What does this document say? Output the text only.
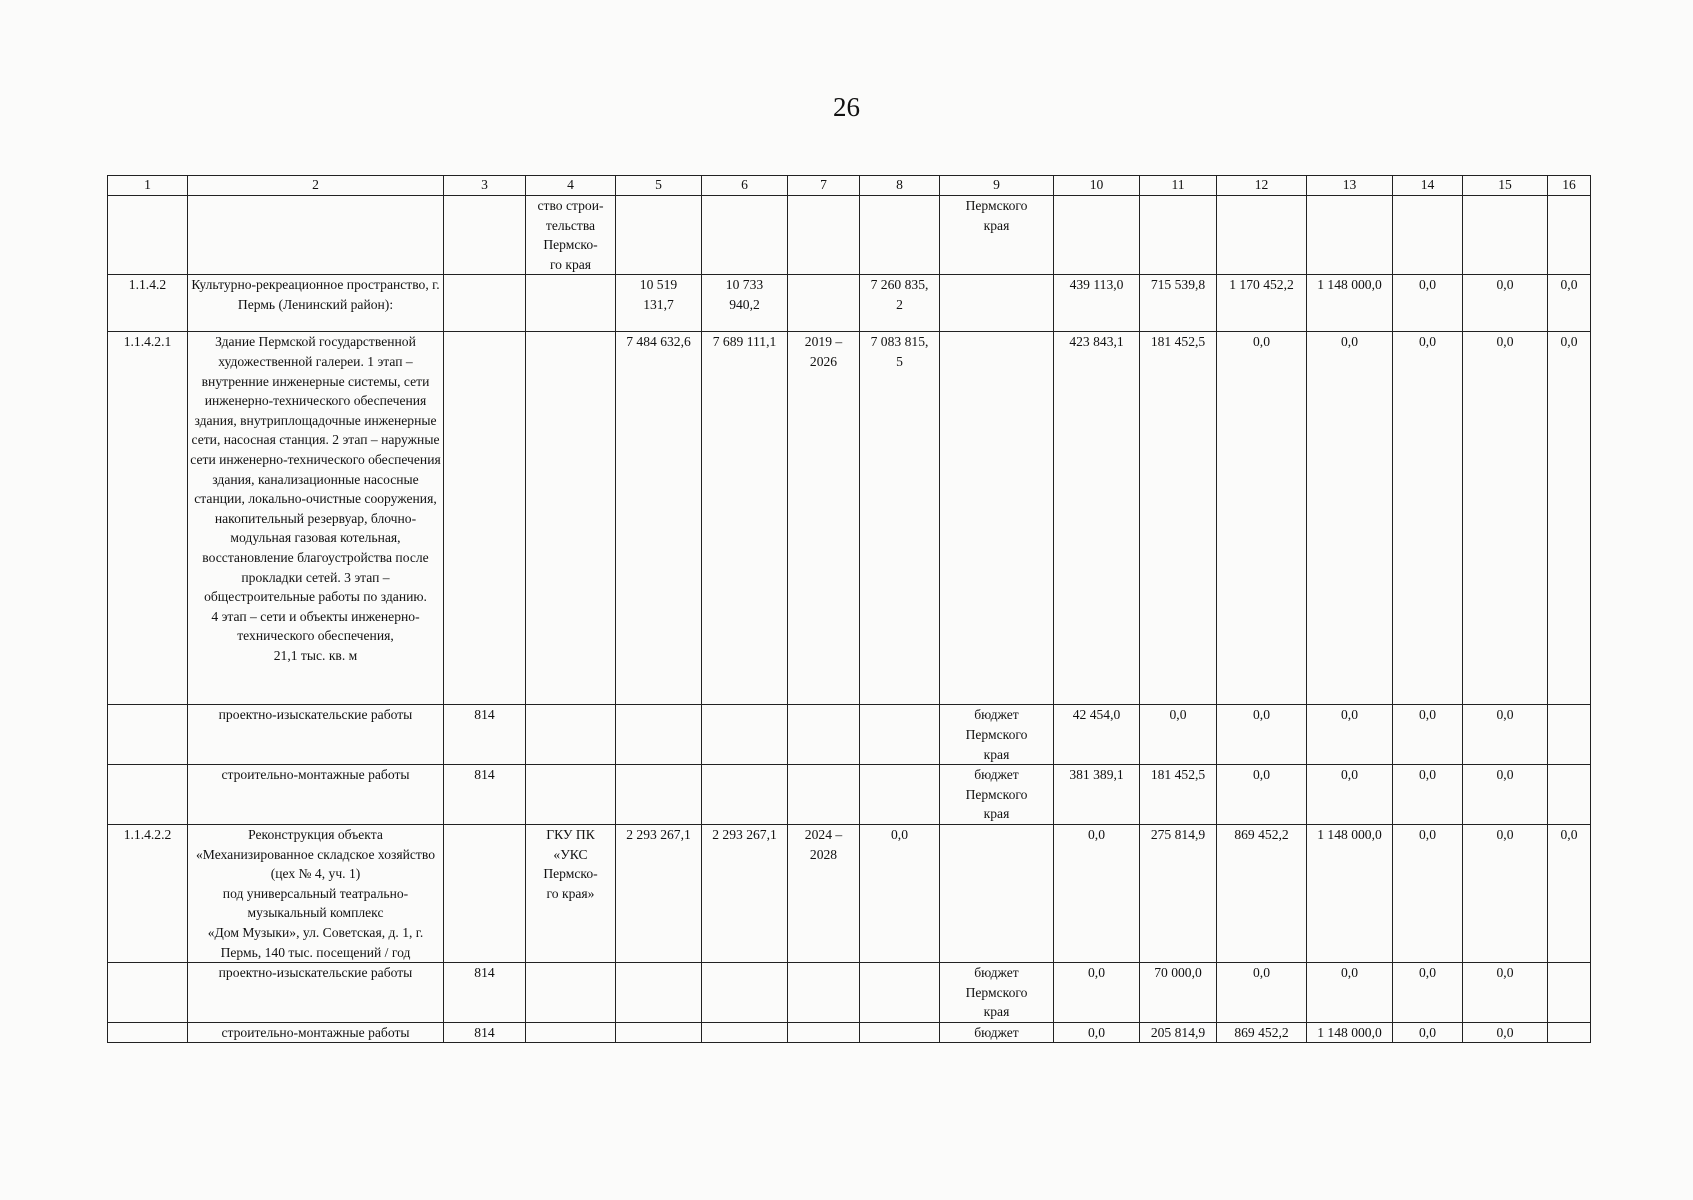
26
1	2	3	4	5	6	7	8	9	10	11	12	13	14	15	16
			ство строи-
тельства
Пермско-
го края					Пермского
края							
1.1.4.2	Культурно-рекреационное пространство, г. Пермь (Ленинский район):			10 519
131,7	10 733
940,2		7 260 835,
2		439 113,0	715 539,8	1 170 452,2	1 148 000,0	0,0	0,0	0,0
1.1.4.2.1	Здание Пермской государственной художественной галереи. 1 этап – внутренние инженерные системы, сети инженерно-технического обеспечения здания, внутриплощадочные инженерные сети, насосная станция. 2 этап – наружные сети инженерно-технического обеспечения здания, канализационные насосные станции, локально-очистные сооружения, накопительный резервуар, блочно-модульная газовая котельная, восстановление благоустройства после прокладки сетей. 3 этап – общестроительные работы по зданию.
4 этап – сети и объекты инженерно-технического обеспечения,
21,1 тыс. кв. м			7 484 632,6	7 689 111,1	2019 –
2026	7 083 815,
5		423 843,1	181 452,5	0,0	0,0	0,0	0,0	0,0
	проектно-изыскательские работы	814						бюджет
Пермского
края	42 454,0	0,0	0,0	0,0	0,0	0,0	
	строительно-монтажные работы	814						бюджет
Пермского
края	381 389,1	181 452,5	0,0	0,0	0,0	0,0	
1.1.4.2.2	Реконструкция объекта «Механизированное складское хозяйство (цех № 4, уч. 1)
под универсальный театрально-музыкальный комплекс
«Дом Музыки», ул. Советская, д. 1, г. Пермь, 140 тыс. посещений / год		ГКУ ПК
«УКС
Пермско-
го края»	2 293 267,1	2 293 267,1	2024 –
2028	0,0		0,0	275 814,9	869 452,2	1 148 000,0	0,0	0,0	0,0
	проектно-изыскательские работы	814						бюджет
Пермского
края	0,0	70 000,0	0,0	0,0	0,0	0,0	
	строительно-монтажные работы	814						бюджет	0,0	205 814,9	869 452,2	1 148 000,0	0,0	0,0	
